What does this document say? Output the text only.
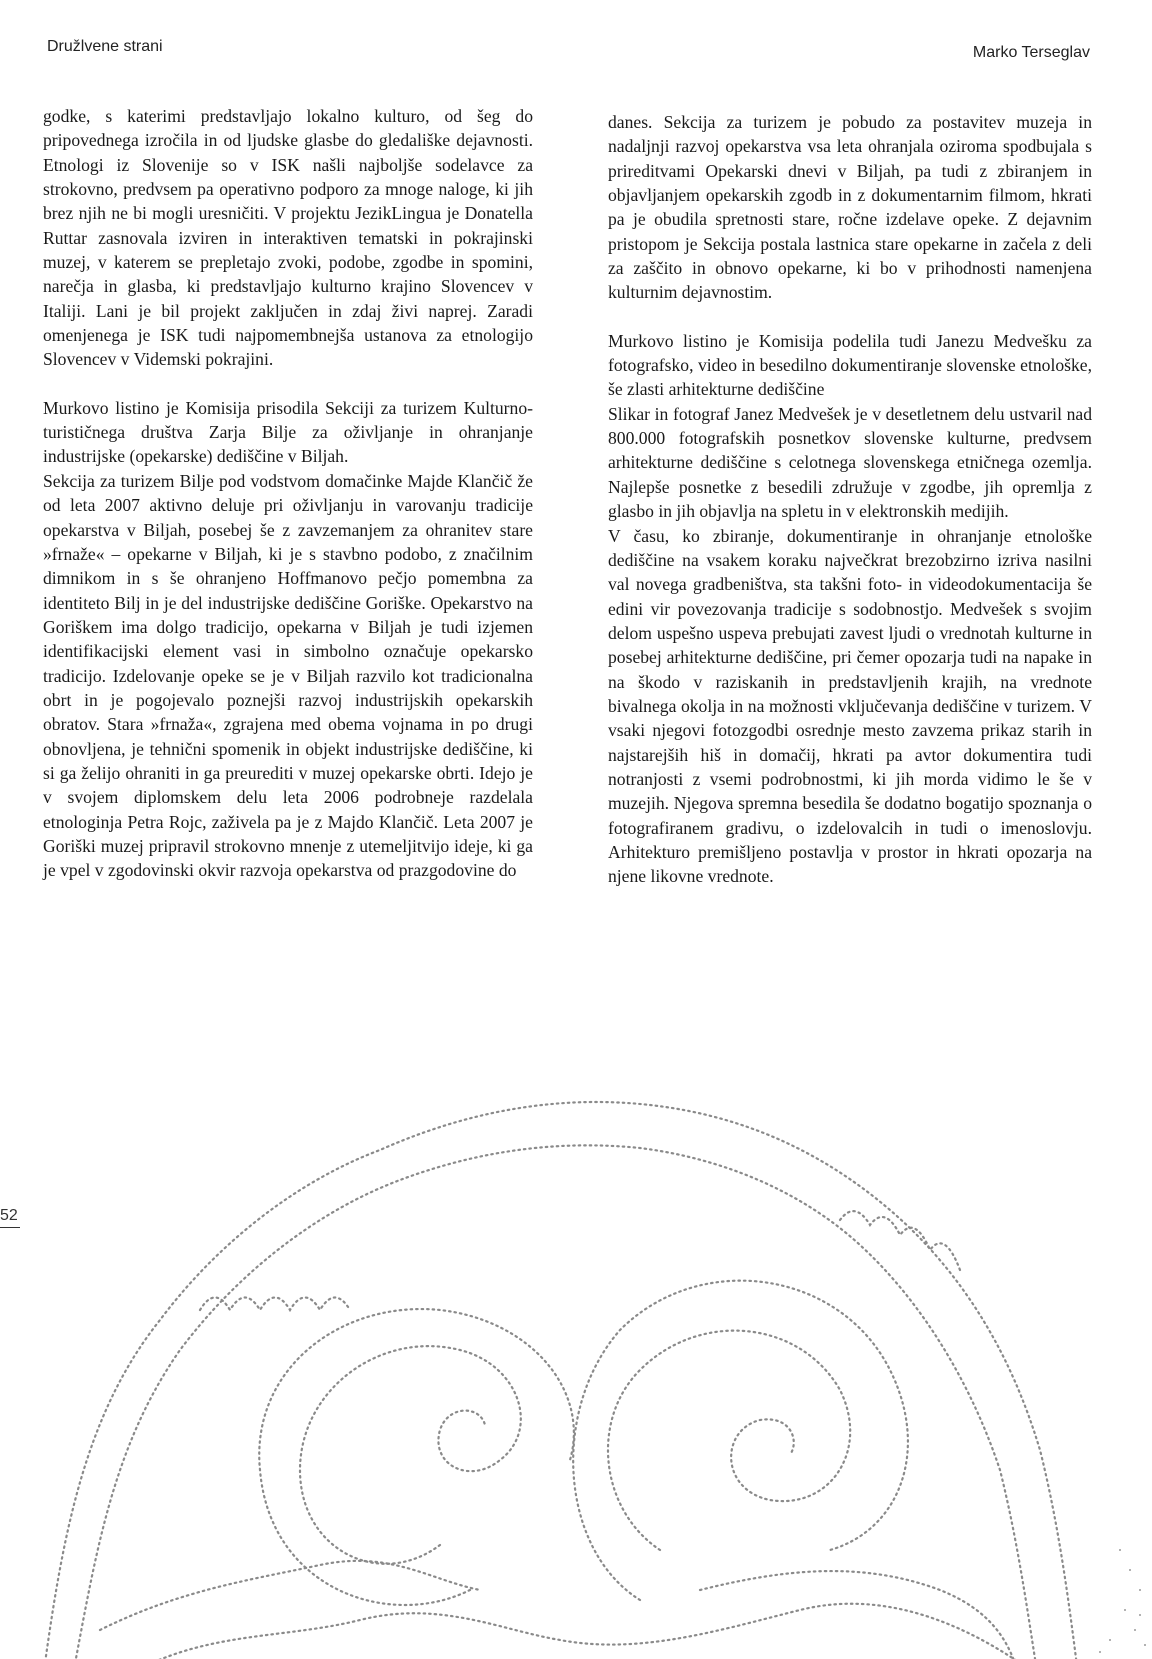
Družlvene strani	Marko Terseglav

godke, s katerimi predstavljajo lokalno kulturo, od šeg do pripovednega izročila in od ljudske glasbe do gledališke dejavnosti. Etnologi iz Slovenije so v ISK našli najboljše sodelavce za strokovno, predvsem pa operativno podporo za mnoge naloge, ki jih brez njih ne bi mogli uresničiti. V projektu JezikLingua je Donatella Ruttar zasnovala izviren in interaktiven tematski in pokrajinski muzej, v katerem se prepletajo zvoki, podobe, zgodbe in spomini, narečja in glasba, ki predstavljajo kulturno krajino Slovencev v Italiji. Lani je bil projekt zaključen in zdaj živi naprej. Zaradi omenjenega je ISK tudi najpomembnejša ustanova za etnologijo Slovencev v Videmski pokrajini.

Murkovo listino je Komisija prisodila Sekciji za turizem Kulturno-turističnega društva Zarja Bilje za oživljanje in ohranjanje industrijske (opekarske) dediščine v Biljah.

Sekcija za turizem Bilje pod vodstvom domačinke Majde Klančič že od leta 2007 aktivno deluje pri oživljanju in varovanju tradicije opekarstva v Biljah, posebej še z zavzemanjem za ohranitev stare »frnaže« – opekarne v Biljah, ki je s stavbno podobo, z značilnim dimnikom in s še ohranjeno Hoffmanovo pečjo pomembna za identiteto Bilj in je del industrijske dediščine Goriške. Opekarstvo na Goriškem ima dolgo tradicijo, opekarna v Biljah je tudi izjemen identifikacijski element vasi in simbolno označuje opekarsko tradicijo. Izdelovanje opeke se je v Biljah razvilo kot tradicionalna obrt in je pogojevalo poznejši razvoj industrijskih opekarskih obratov. Stara »frnaža«, zgrajena med obema vojnama in po drugi obnovljena, je tehnični spomenik in objekt industrijske dediščine, ki si ga želijo ohraniti in ga preurediti v muzej opekarske obrti. Idejo je v svojem diplomskem delu leta 2006 podrobneje razdelala etnologinja Petra Rojc, zaživela pa je z Majdo Klančič. Leta 2007 je Goriški muzej pripravil strokovno mnenje z utemeljitvijo ideje, ki ga je vpel v zgodovinski okvir razvoja opekarstva od prazgodovine do

danes. Sekcija za turizem je pobudo za postavitev muzeja in nadaljnji razvoj opekarstva vsa leta ohranjala oziroma spodbujala s prireditvami Opekarski dnevi v Biljah, pa tudi z zbiranjem in objavljanjem opekarskih zgodb in z dokumentarnim filmom, hkrati pa je obudila spretnosti stare, ročne izdelave opeke. Z dejavnim pristopom je Sekcija postala lastnica stare opekarne in začela z deli za zaščito in obnovo opekarne, ki bo v prihodnosti namenjena kulturnim dejavnostim.

Murkovo listino je Komisija podelila tudi Janezu Medvešku za fotografsko, video in besedilno dokumentiranje slovenske etnološke, še zlasti arhitekturne dediščine

Slikar in fotograf Janez Medvešek je v desetletnem delu ustvaril nad 800.000 fotografskih posnetkov slovenske kulturne, predvsem arhitekturne dediščine s celotnega slovenskega etničnega ozemlja. Najlepše posnetke z besedili združuje v zgodbe, jih opremlja z glasbo in jih objavlja na spletu in v elektronskih medijih.

V času, ko zbiranje, dokumentiranje in ohranjanje etnološke dediščine na vsakem koraku največkrat brezobzirno izriva nasilni val novega gradbeništva, sta takšni foto- in videodokumentacija še edini vir povezovanja tradicije s sodobnostjo. Medvešek s svojim delom uspešno uspeva prebujati zavest ljudi o vrednotah kulturne in posebej arhitekturne dediščine, pri čemer opozarja tudi na napake in na škodo v raziskanih in predstavljenih krajih, na vrednote bivalnega okolja in na možnosti vključevanja dediščine v turizem. V vsaki njegovi fotozgodbi osrednje mesto zavzema prikaz starih in najstarejših hiš in domačij, hkrati pa avtor dokumentira tudi notranjosti z vsemi podrobnostmi, ki jih morda vidimo le še v muzejih. Njegova spremna besedila še dodatno bogatijo spoznanja o fotografiranem gradivu, o izdelovalcih in tudi o imenoslovju. Arhitekturo premišljeno postavlja v prostor in hkrati opozarja na njene likovne vrednote.

52
